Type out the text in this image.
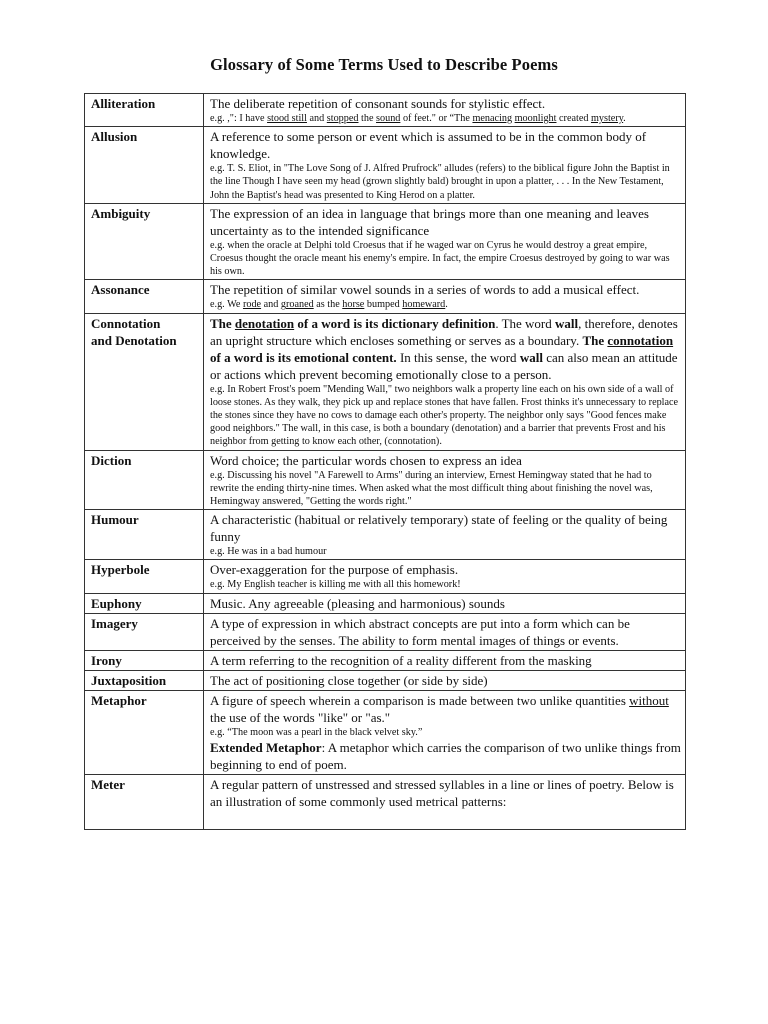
Glossary of Some Terms Used to Describe Poems
Alliteration	The deliberate repetition of consonant sounds for stylistic effect.
e.g. ,": I have stood still and stopped the sound of feet." or “The menacing moonlight created mystery.

Allusion	A reference to some person or event which is assumed to be in the common body of knowledge.
e.g. T. S. Eliot, in "The Love Song of J. Alfred Prufrock" alludes (refers) to the biblical figure John the Baptist in the line Though I have seen my head (grown slightly bald) brought in upon a platter, . . . In the New Testament, John the Baptist's head was presented to King Herod on a platter.

Ambiguity	The expression of an idea in language that brings more than one meaning and leaves uncertainty as to the intended significance
e.g. when the oracle at Delphi told Croesus that if he waged war on Cyrus he would destroy a great empire, Croesus thought the oracle meant his enemy's empire. In fact, the empire Croesus destroyed by going to war was his own.

Assonance	The repetition of similar vowel sounds in a series of words to add a musical effect.
e.g. We rode and groaned as the horse bumped homeward.

Connotation
and Denotation	The denotation of a word is its dictionary definition. The word wall, therefore, denotes an upright structure which encloses something or serves as a boundary. The connotation of a word is its emotional content. In this sense, the word wall can also mean an attitude or actions which prevent becoming emotionally close to a person.
e.g. In Robert Frost's poem "Mending Wall," two neighbors walk a property line each on his own side of a wall of loose stones. As they walk, they pick up and replace stones that have fallen. Frost thinks it's unnecessary to replace the stones since they have no cows to damage each other's property. The neighbor only says "Good fences make good neighbors." The wall, in this case, is both a boundary (denotation) and a barrier that prevents Frost and his neighbor from getting to know each other, (connotation).

Diction	Word choice; the particular words chosen to express an idea
e.g. Discussing his novel "A Farewell to Arms" during an interview, Ernest Hemingway stated that he had to rewrite the ending thirty-nine times. When asked what the most difficult thing about finishing the novel was, Hemingway answered, "Getting the words right."

Humour	A characteristic (habitual or relatively temporary) state of feeling or the quality of being funny
e.g. He was in a bad humour

Hyperbole	Over-exaggeration for the purpose of emphasis.
e.g. My English teacher is killing me with all this homework!

Euphony	Music. Any agreeable (pleasing and harmonious) sounds

Imagery	A type of expression in which abstract concepts are put into a form which can be perceived by the senses. The ability to form mental images of things or events.

Irony	A term referring to the recognition of a reality different from the masking

Juxtaposition	The act of positioning close together (or side by side)

Metaphor	A figure of speech wherein a comparison is made between two unlike quantities without the use of the words "like" or "as."
e.g. “The moon was a pearl in the black velvet sky.”
Extended Metaphor: A metaphor which carries the comparison of two unlike things from beginning to end of poem.

Meter	A regular pattern of unstressed and stressed syllables in a line or lines of poetry. Below is an illustration of some commonly used metrical patterns:
